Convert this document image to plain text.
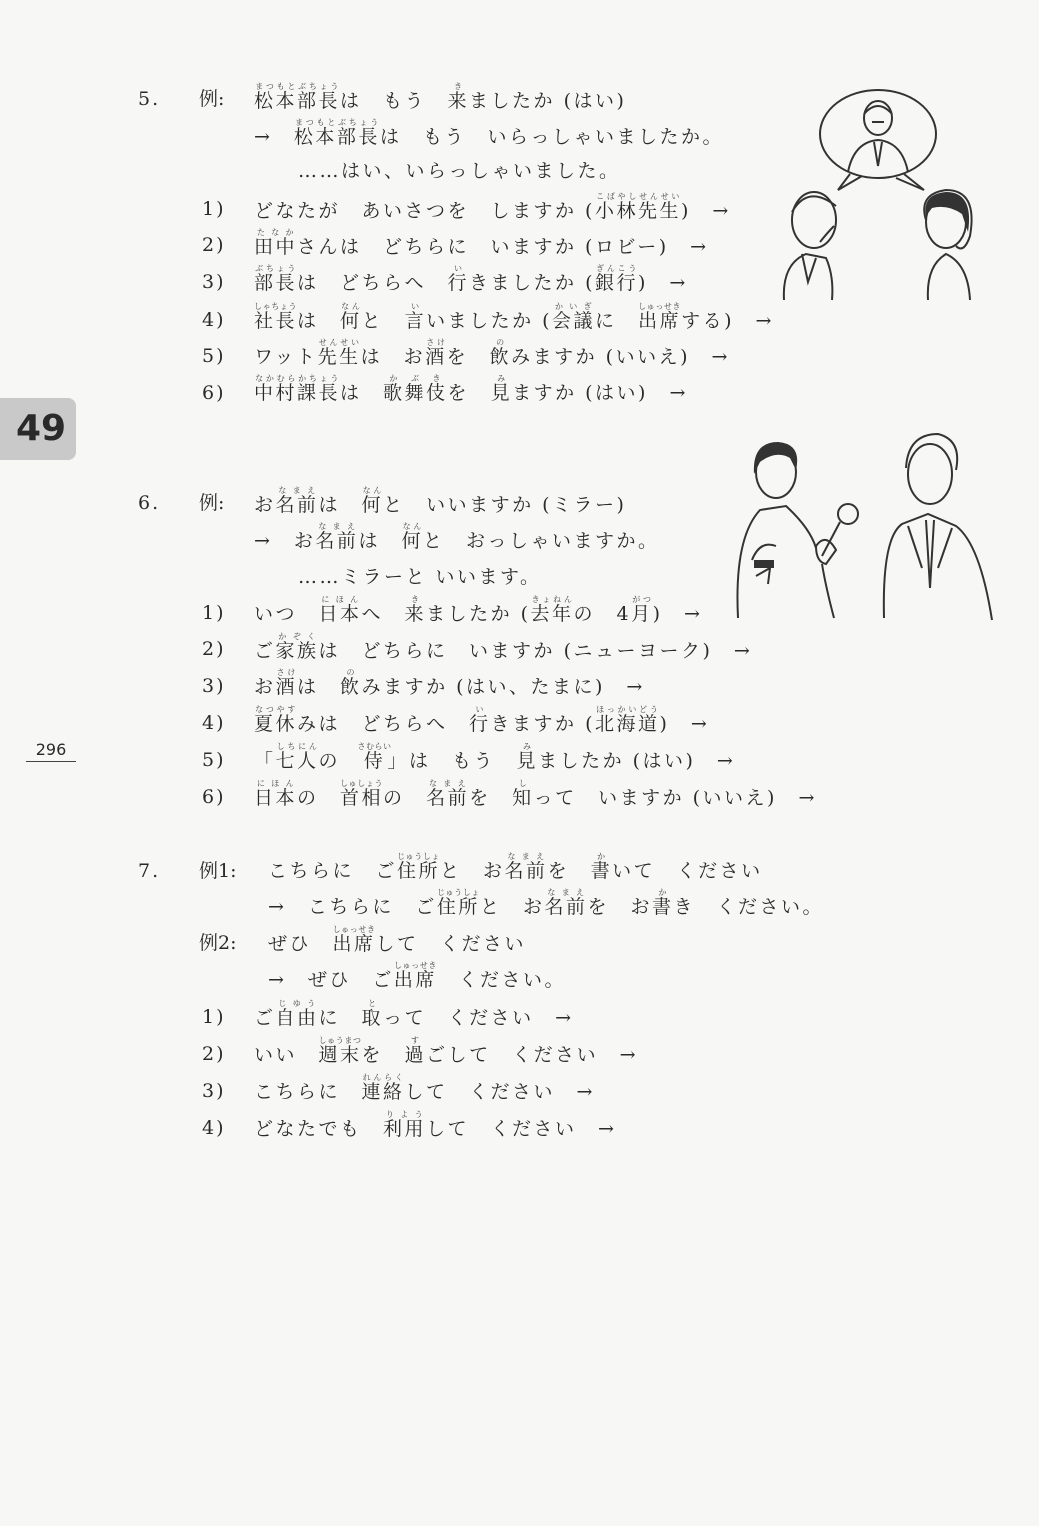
49
296
5. 例: 松本部長まつもとぶちょうは　もう　来きましたか (はい)
→　松本部長まつもとぶちょうは　もう　いらっしゃいましたか。
……はい、いらっしゃいました。
1) どなたが　あいさつを　しますか (小林先生こばやしせんせい)　→
2) 田中たなかさんは　どちらに　いますか (ロビー)　→
3) 部長ぶちょうは　どちらへ　行いきましたか (銀行ぎんこう)　→
4) 社長しゃちょうは　何なんと　言いいましたか (会議かいぎに　出席しゅっせきする)　→
5) ワット先生せんせいは　お酒さけを　飲のみますか (いいえ)　→
6) 中村課長なかむらかちょうは　歌舞伎かぶきを　見みますか (はい)　→
6. 例: お名前なまえは　何なんと　いいますか (ミラー)
→　お名前なまえは　何なんと　おっしゃいますか。
……ミラーと いいます。
1) いつ　日本にほんへ　来きましたか (去年きょねんの　4月がつ)　→
2) ご家族かぞくは　どちらに　いますか (ニューヨーク)　→
3) お酒さけは　飲のみますか (はい、たまに)　→
4) 夏休なつやすみは　どちらへ　行いきますか (北海道ほっかいどう)　→
5) 「七人しちにんの　侍さむらい」は　もう　見みましたか (はい)　→
6) 日本にほんの　首相しゅしょうの　名前なまえを　知しって　いますか (いいえ)　→
7. 例1: こちらに　ご住所じゅうしょと　お名前なまえを　書かいて　ください
→　こちらに　ご住所じゅうしょと　お名前なまえを　お書かき　ください。
例2: ぜひ　出席しゅっせきして　ください
→　ぜひ　ご出席しゅっせき　ください。
1) ご自由じゆうに　取とって　ください　→
2) いい　週末しゅうまつを　過すごして　ください　→
3) こちらに　連絡れんらくして　ください　→
4) どなたでも　利用りようして　ください　→
